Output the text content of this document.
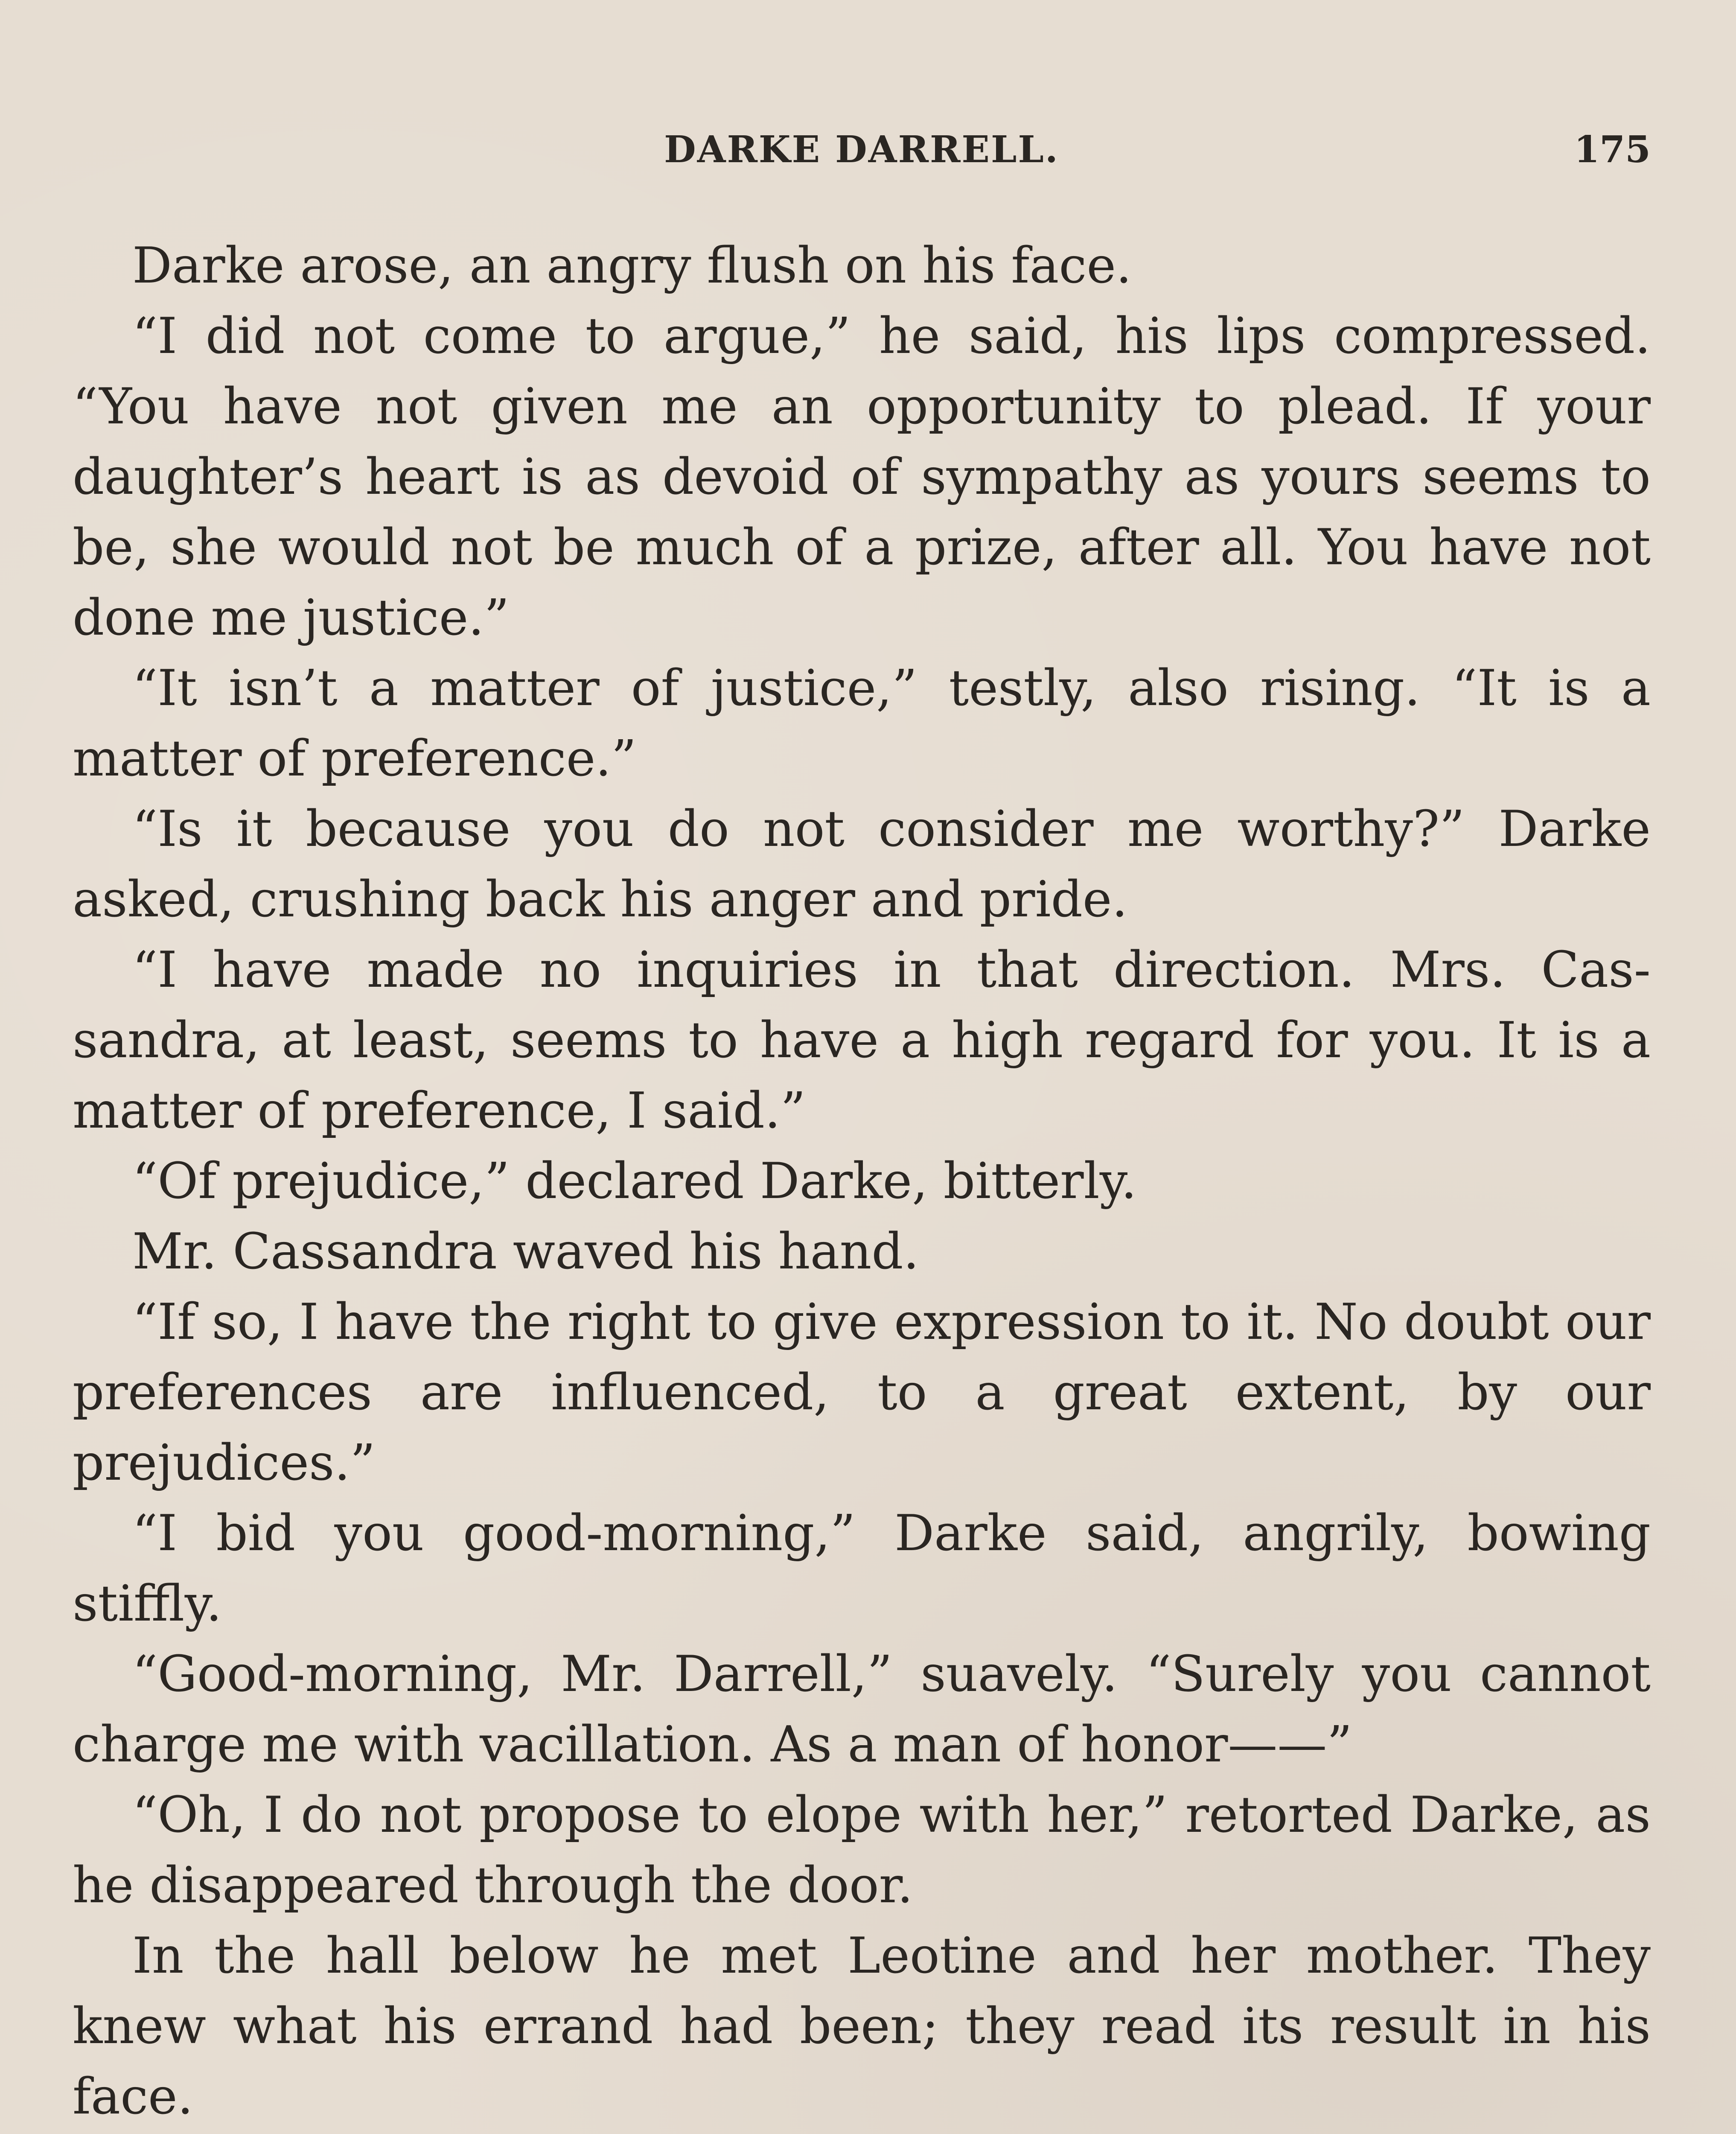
DARKE DARRELL.	175

Darke arose, an angry flush on his face.

“I did not come to argue,” he said, his lips compressed. “You have not given me an opportunity to plead. If your daughter’s heart is as devoid of sympathy as yours seems to be, she would not be much of a prize, after all. You have not done me justice.”

“It isn’t a matter of justice,” testly, also rising. “It is a matter of preference.”

“Is it because you do not consider me worthy?” Darke asked, crushing back his anger and pride.

“I have made no inquiries in that direction. Mrs. Cas-sandra, at least, seems to have a high regard for you. It is a matter of preference, I said.”

“Of prejudice,” declared Darke, bitterly.

Mr. Cassandra waved his hand.

“If so, I have the right to give expression to it. No doubt our preferences are influenced, to a great extent, by our prejudices.”

“I bid you good-morning,” Darke said, angrily, bowing stiffly.

“Good-morning, Mr. Darrell,” suavely. “Surely you cannot charge me with vacillation. As a man of honor——”

“Oh, I do not propose to elope with her,” retorted Darke, as he disappeared through the door.

In the hall below he met Leotine and her mother. They knew what his errand had been; they read its result in his face.
